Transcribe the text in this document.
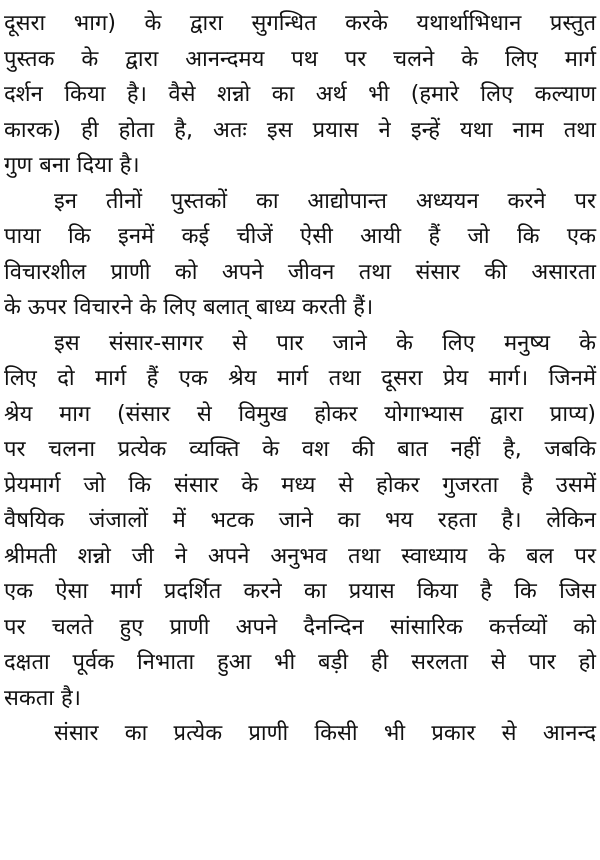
दूसरा भाग) के द्वारा सुगन्धित करके यथार्थाभिधान प्रस्तुत
पुस्तक के द्वारा आनन्दमय पथ पर चलने के लिए मार्ग
दर्शन किया है। वैसे शन्नो का अर्थ भी (हमारे लिए कल्याण
कारक) ही होता है, अतः इस प्रयास ने इन्हें यथा नाम तथा
गुण बना दिया है।
इन तीनों पुस्तकों का आद्योपान्त अध्ययन करने पर
पाया कि इनमें कई चीजें ऐसी आयी हैं जो कि एक
विचारशील प्राणी को अपने जीवन तथा संसार की असारता
के ऊपर विचारने के लिए बलात् बाध्य करती हैं।
इस संसार-सागर से पार जाने के लिए मनुष्य के
लिए दो मार्ग हैं एक श्रेय मार्ग तथा दूसरा प्रेय मार्ग। जिनमें
श्रेय माग (संसार से विमुख होकर योगाभ्यास द्वारा प्राप्य)
पर चलना प्रत्येक व्यक्ति के वश की बात नहीं है, जबकि
प्रेयमार्ग जो कि संसार के मध्य से होकर गुजरता है उसमें
वैषयिक जंजालों में भटक जाने का भय रहता है। लेकिन
श्रीमती शन्नो जी ने अपने अनुभव तथा स्वाध्याय के बल पर
एक ऐसा मार्ग प्रदर्शित करने का प्रयास किया है कि जिस
पर चलते हुए प्राणी अपने दैनन्दिन सांसारिक कर्त्तव्यों को
दक्षता पूर्वक निभाता हुआ भी बड़ी ही सरलता से पार हो
सकता है।
संसार का प्रत्येक प्राणी किसी भी प्रकार से आनन्द
